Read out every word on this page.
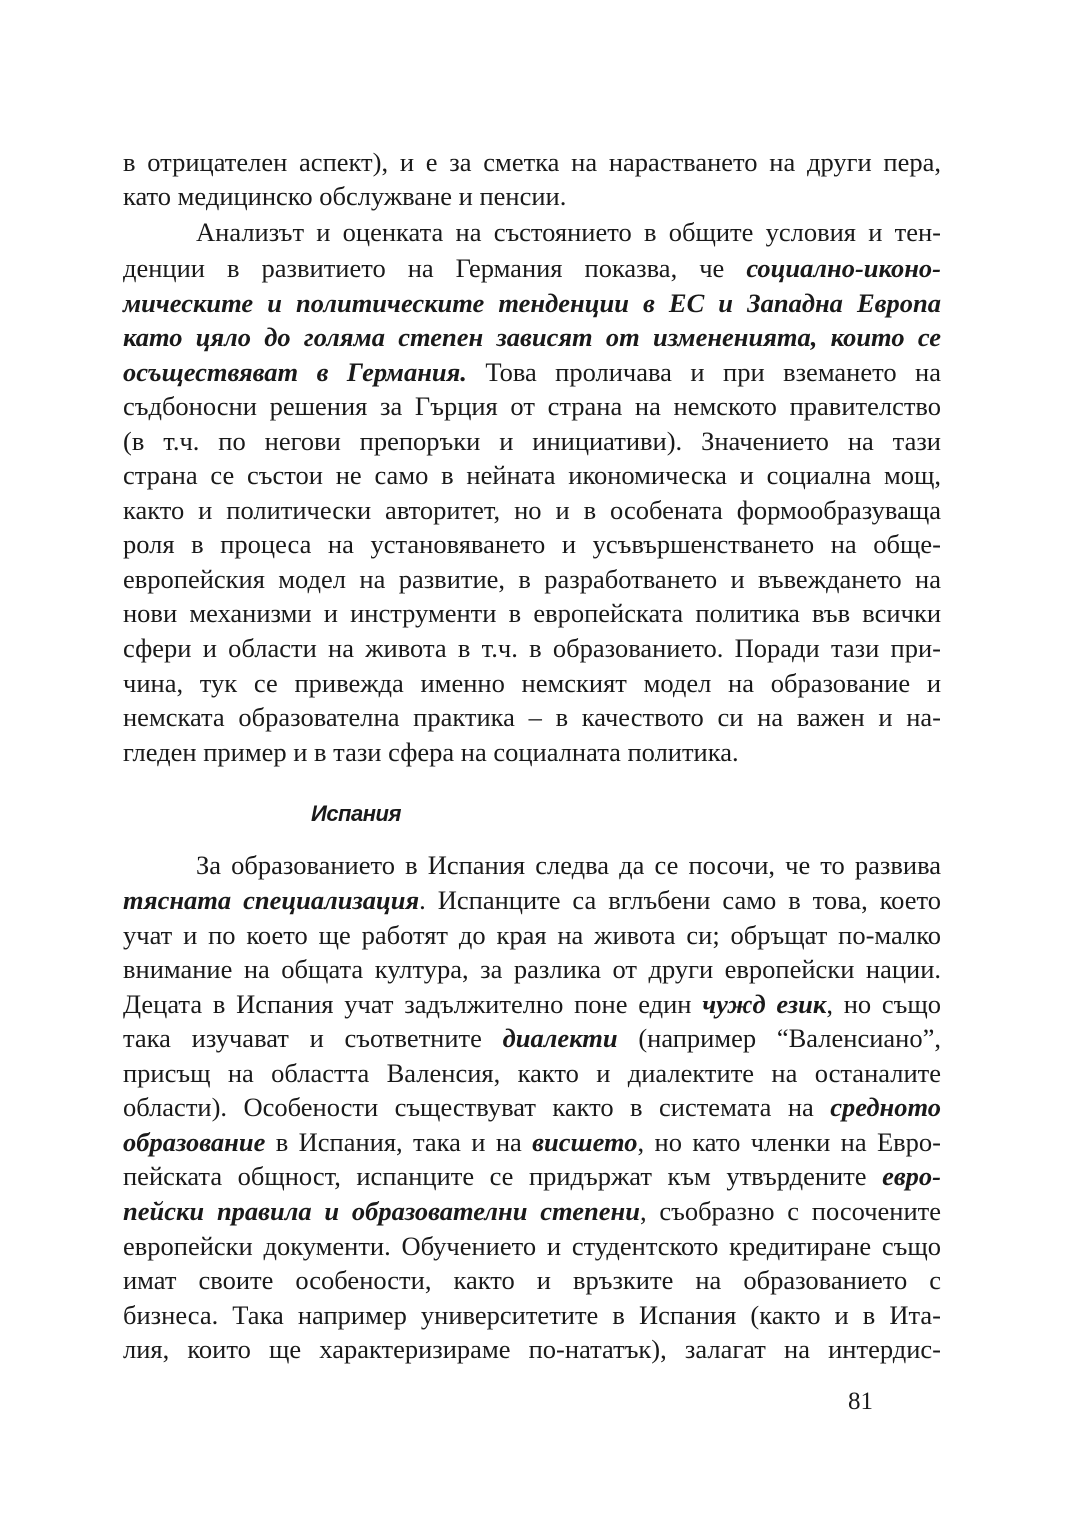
в отрицателен аспект), и е за сметка на нарастването на други пера,
като медицинско обслужване и пенсии.
Анализът и оценката на състоянието в общите условия и тен-
денции в развитието на Германия показва, че социално-иконо-
мическите и политическите тенденции в ЕС и Западна Европа
като цяло до голяма степен зависят от измененията, които се
осъществяват в Германия. Това проличава и при вземането на
съдбоносни решения за Гърция от страна на немското правителство
(в т.ч. по негови препоръки и инициативи). Значението на тази
страна се състои не само в нейната икономическа и социална мощ,
както и политически авторитет, но и в особената формообразуваща
роля в процеса на установяването и усъвършенстването на обще-
европейския модел на развитие, в разработването и въвеждането на
нови механизми и инструменти в европейската политика във всички
сфери и области на живота в т.ч. в образованието. Поради тази при-
чина, тук се привежда именно немският модел на образование и
немската образователна практика – в качеството си на важен и на-
гледен пример и в тази сфера на социалната политика.
Испания
За образованието в Испания следва да се посочи, че то развива
тясната специализация. Испанците са вглъбени само в това, което
учат и по което ще работят до края на живота си; обръщат по-малко
внимание на общата култура, за разлика от други европейски нации.
Децата в Испания учат задължително поне един чужд език, но също
така изучават и съответните диалекти (например “Валенсиано”,
присъщ на областта Валенсия, както и диалектите на останалите
области). Особености съществуват както в системата на средното
образование в Испания, така и на висшето, но като членки на Евро-
пейската общност, испанците се придържат към утвърдените евро-
пейски правила и образователни степени, съобразно с посочените
европейски документи. Обучението и студентското кредитиране също
имат своите особености, както и връзките на образованието с
бизнеса. Така например университетите в Испания (както и в Ита-
лия, които ще характеризираме по-нататък), залагат на интердис-
81
